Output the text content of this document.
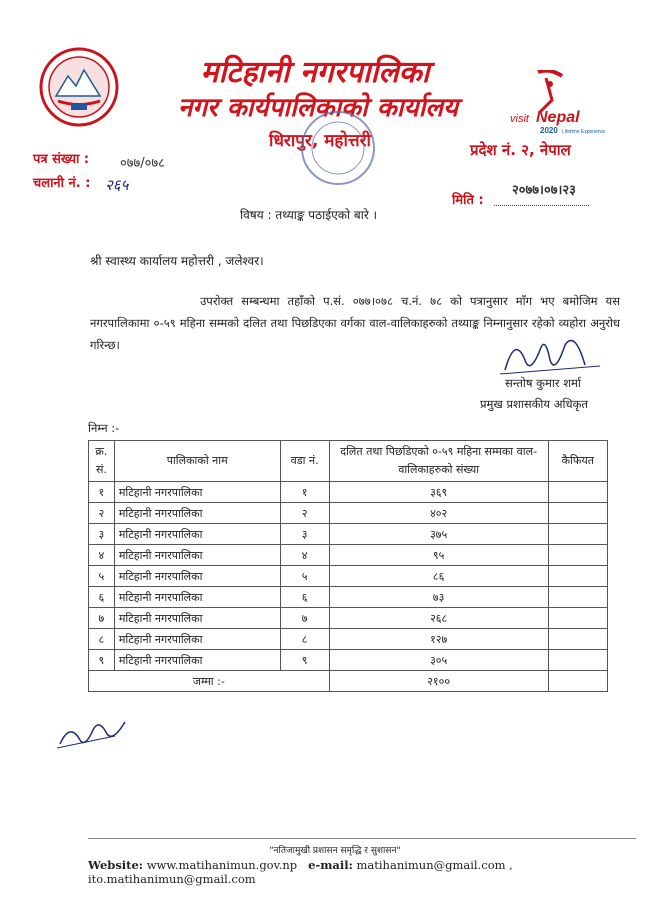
visit Nepal
2020 Lifetime Experiences
मटिहानी नगरपालिका
नगर कार्यपालिकाको कार्यालय
धिरापुर, महोत्तरी	प्रदेश नं. २, नेपाल
पत्र संख्या : ०७७/०७८
चलानी नं. : २६५	२०७७।०७।२३
मिति :
विषय : तथ्याङ्क पठाईएको बारे ।
श्री स्वास्थ्य कार्यालय महोत्तरी , जलेश्वर।
उपरोक्त सम्बन्धमा तहाँको प.सं. ०७७।०७८ च.नं. ७८ को पत्रानुसार माँग भए बमोजिम यस नगरपालिकामा ०-५९ महिना सम्मको दलित तथा पिछडिएका वर्गका वाल-वालिकाहरुको तथ्याङ्क निम्नानुसार रहेको व्यहोरा अनुरोध गरिन्छ।
सन्तोष कुमार शर्मा
प्रमुख प्रशासकीय अधिकृत
निम्न :-
क्र. सं.	पालिकाको नाम	वडा नं.	दलित तथा पिछडिएको ०-५९ महिना सम्मका वाल-वालिकाहरुको संख्या	कैफियत
१	मटिहानी नगरपालिका	१	३६९	
२	मटिहानी नगरपालिका	२	४०२	
३	मटिहानी नगरपालिका	३	३७५	
४	मटिहानी नगरपालिका	४	९५	
५	मटिहानी नगरपालिका	५	८६	
६	मटिहानी नगरपालिका	६	७३	
७	मटिहानी नगरपालिका	७	२६८	
८	मटिहानी नगरपालिका	८	१२७	
९	मटिहानी नगरपालिका	९	३०५	
जम्मा :-			२१००	
"नतिजामुखी प्रशासन समृद्धि र सुशासन"
Website: www.matihanimun.gov.np e-mail: matihanimun@gmail.com , ito.matihanimun@gmail.com
